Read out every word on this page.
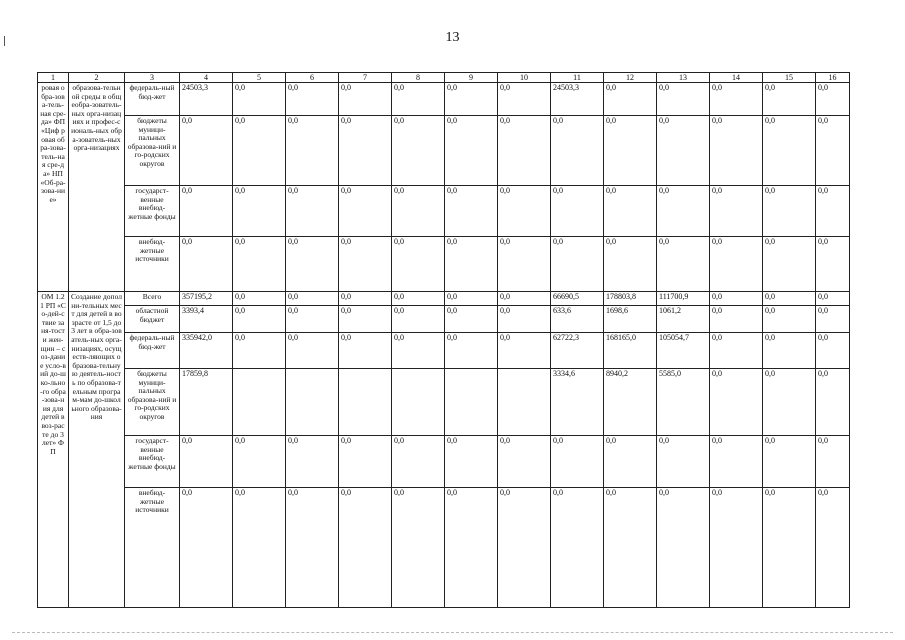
13
1	2	3	4	5	6	7	8	9	10	11	12	13	14	15	16
ровая обра-зова-тель-ная сре-да» ФП «Циф ровая обра-зова-тель-ная сре-да» НП «Об-ра-зова-ние»	образова-тельной среды в общеобра-зователь-ных орга-низациях и профес-сиональ-ных обра-зователь-ных орга-низациях	федераль-ный бюд-жет	24503,3	0,0	0,0	0,0	0,0	0,0	0,0	24503,3	0,0	0,0	0,0	0,0	0,0
		бюджеты муници-пальных образова-ний и го-родских округов	0,0	0,0	0,0	0,0	0,0	0,0	0,0	0,0	0,0	0,0	0,0	0,0	0,0
		государст-венные внебюд-жетные фонды	0,0	0,0	0,0	0,0	0,0	0,0	0,0	0,0	0,0	0,0	0,0	0,0	0,0
		внебюд-жетные источники	0,0	0,0	0,0	0,0	0,0	0,0	0,0	0,0	0,0	0,0	0,0	0,0	0,0
ОМ 1.21 РП «Со-дей-ствие заня-тости жен-щин – соз-дание усло-вий до-шко-льно-го обра-зова-ния для детей в воз-расте до 3 лет» ФП	Создание дополни-тельных мест для детей в возрасте от 1,5 до 3 лет в обра-зователь-ных орга-низациях, осуществ-ляющих образова-тельную деятель-ность по образова-тельным програм-мам до-школьного образова-ния	Всего	357195,2	0,0	0,0	0,0	0,0	0,0	0,0	66690,5	178803,8	111700,9	0,0	0,0	0,0
		областной бюджет	3393,4	0,0	0,0	0,0	0,0	0,0	0,0	633,6	1698,6	1061,2	0,0	0,0	0,0
		федераль-ный бюд-жет	335942,0	0,0	0,0	0,0	0,0	0,0	0,0	62722,3	168165,0	105054,7	0,0	0,0	0,0
		бюджеты муници-пальных образова-ний и го-родских округов	17859,8							3334,6	8940,2	5585,0	0,0	0,0	0,0
		государст-венные внебюд-жетные фонды	0,0	0,0	0,0	0,0	0,0	0,0	0,0	0,0	0,0	0,0	0,0	0,0	0,0
		внебюд-жетные источники	0,0	0,0	0,0	0,0	0,0	0,0	0,0	0,0	0,0	0,0	0,0	0,0	0,0
